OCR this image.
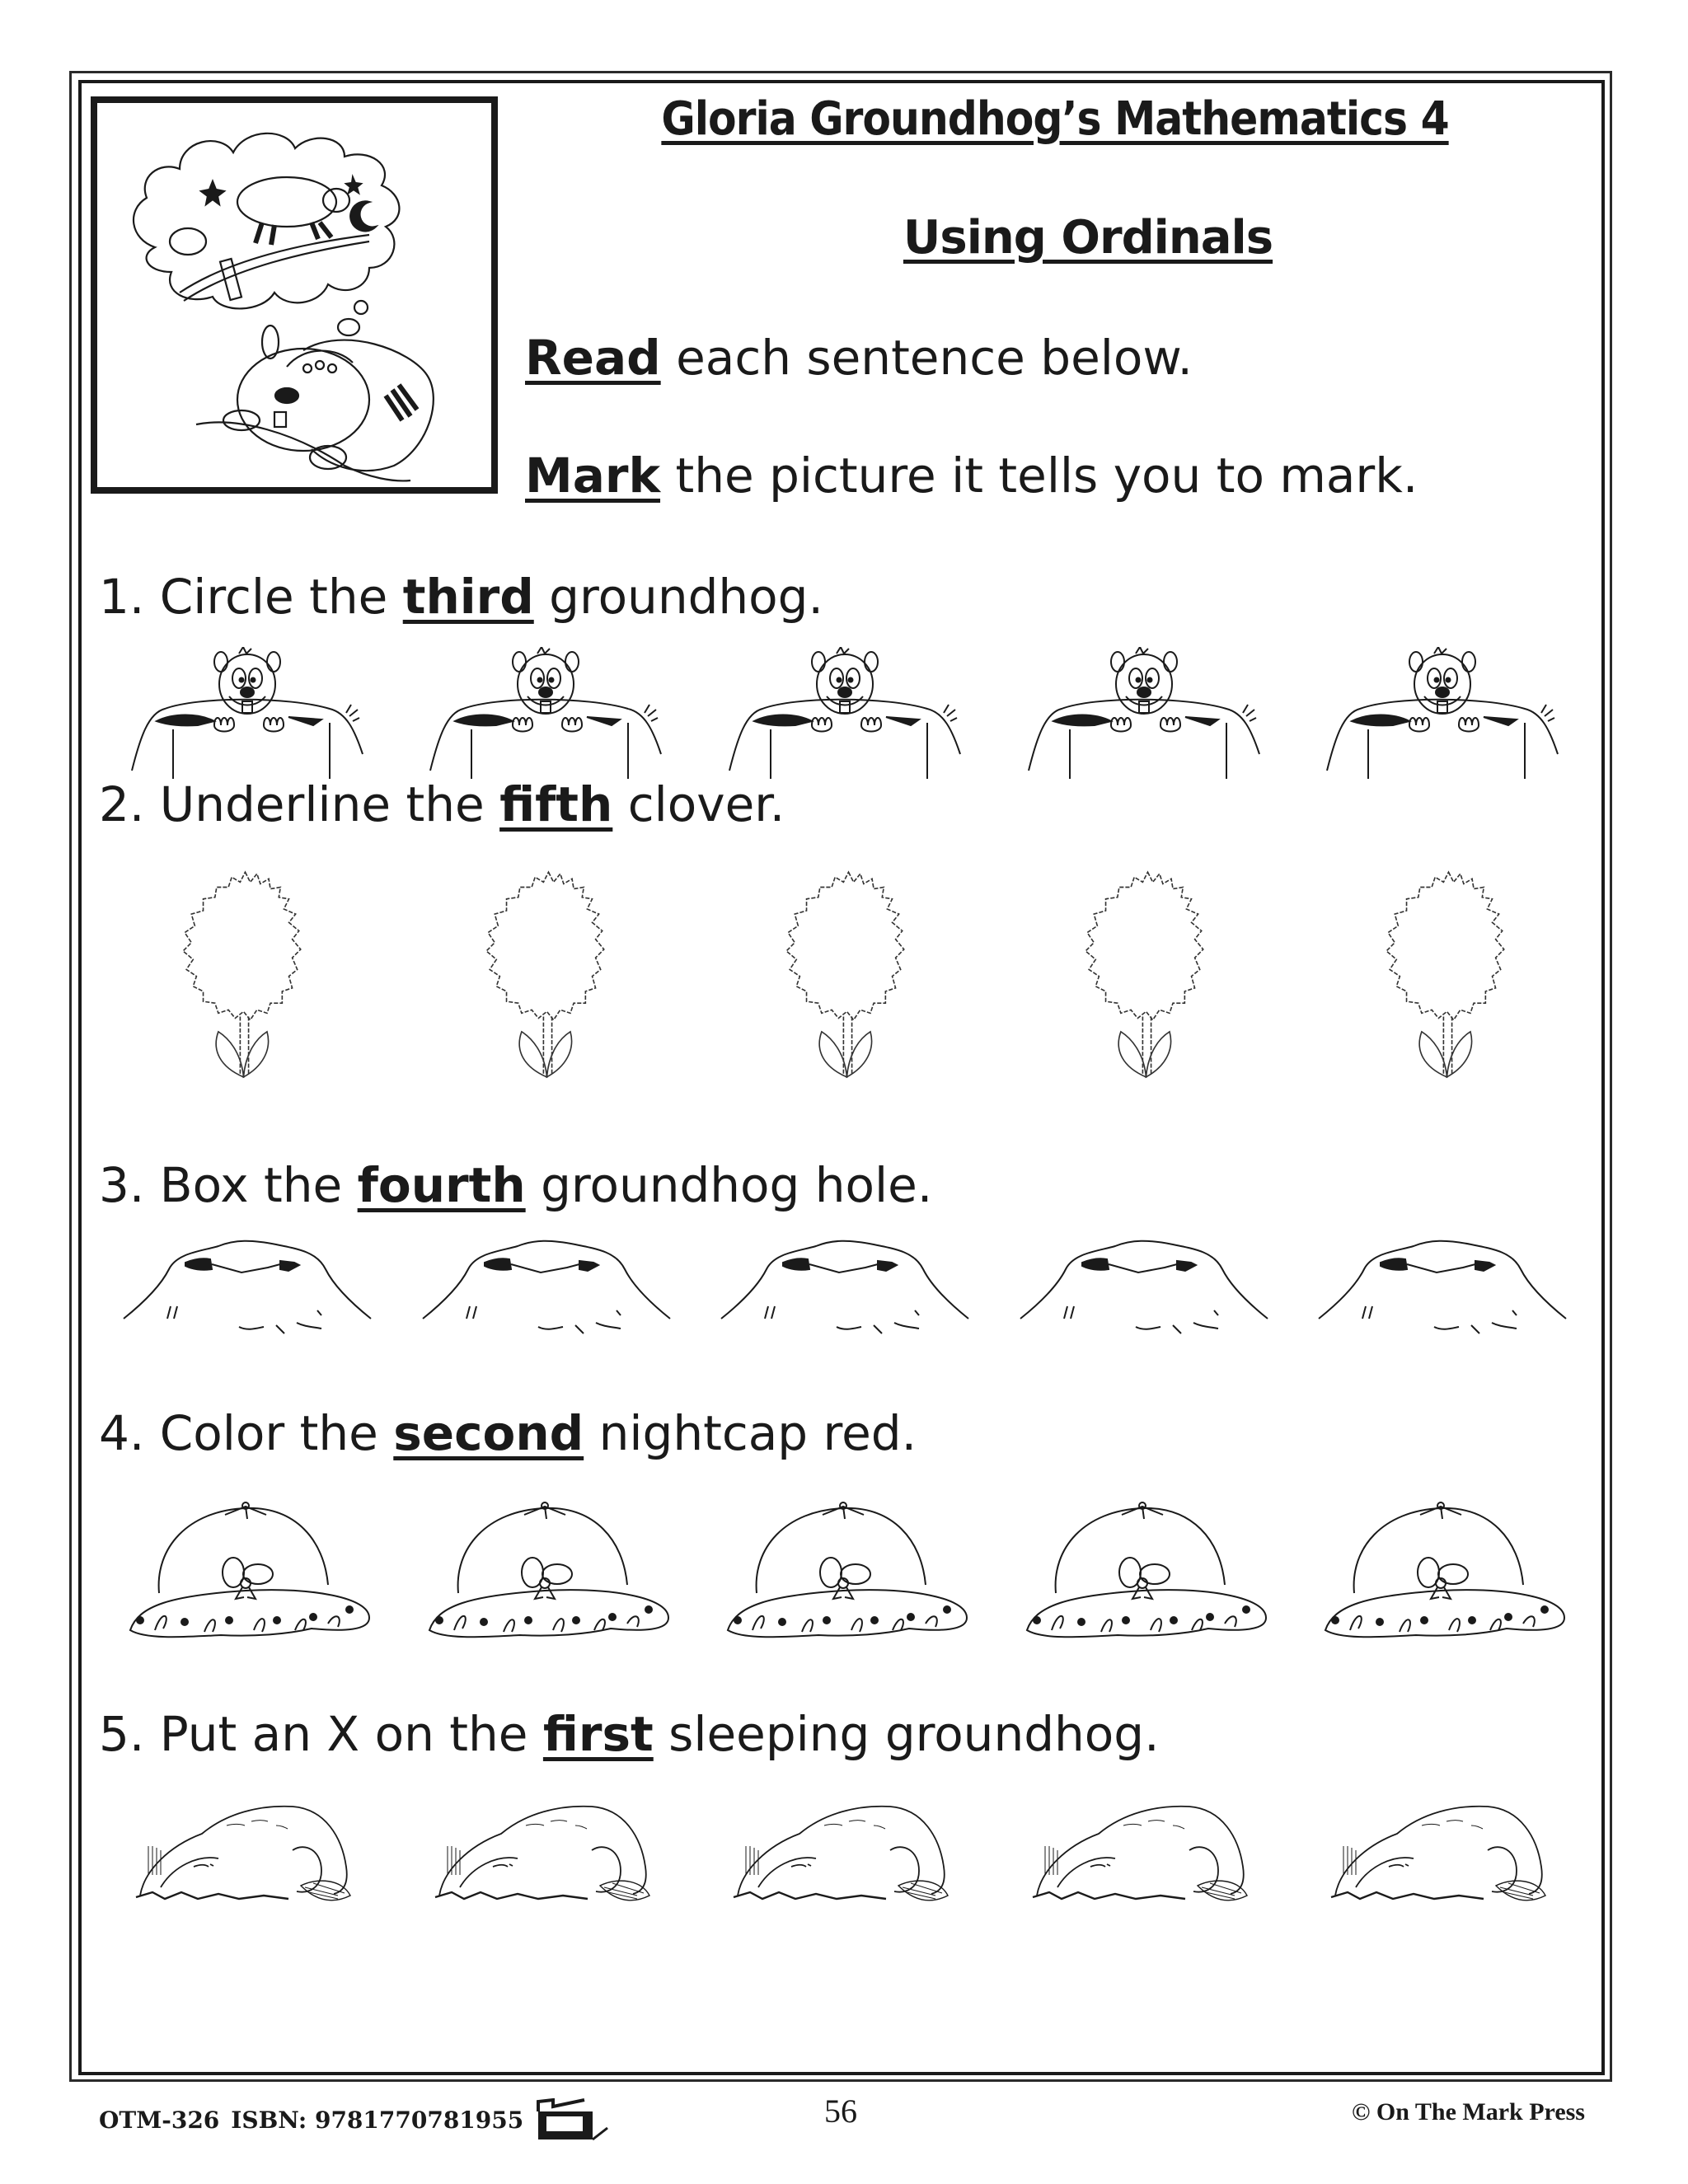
Gloria Groundhog’s Mathematics 4
Using Ordinals
Read each sentence below.
Mark the picture it tells you to mark.
1. Circle the third groundhog.
2. Underline the fifth clover.
3. Box the fourth groundhog hole.
4. Color the second nightcap red.
5. Put an X on the first sleeping groundhog.
OTM-326 ISBN: 9781770781955	56	© On The Mark Press
